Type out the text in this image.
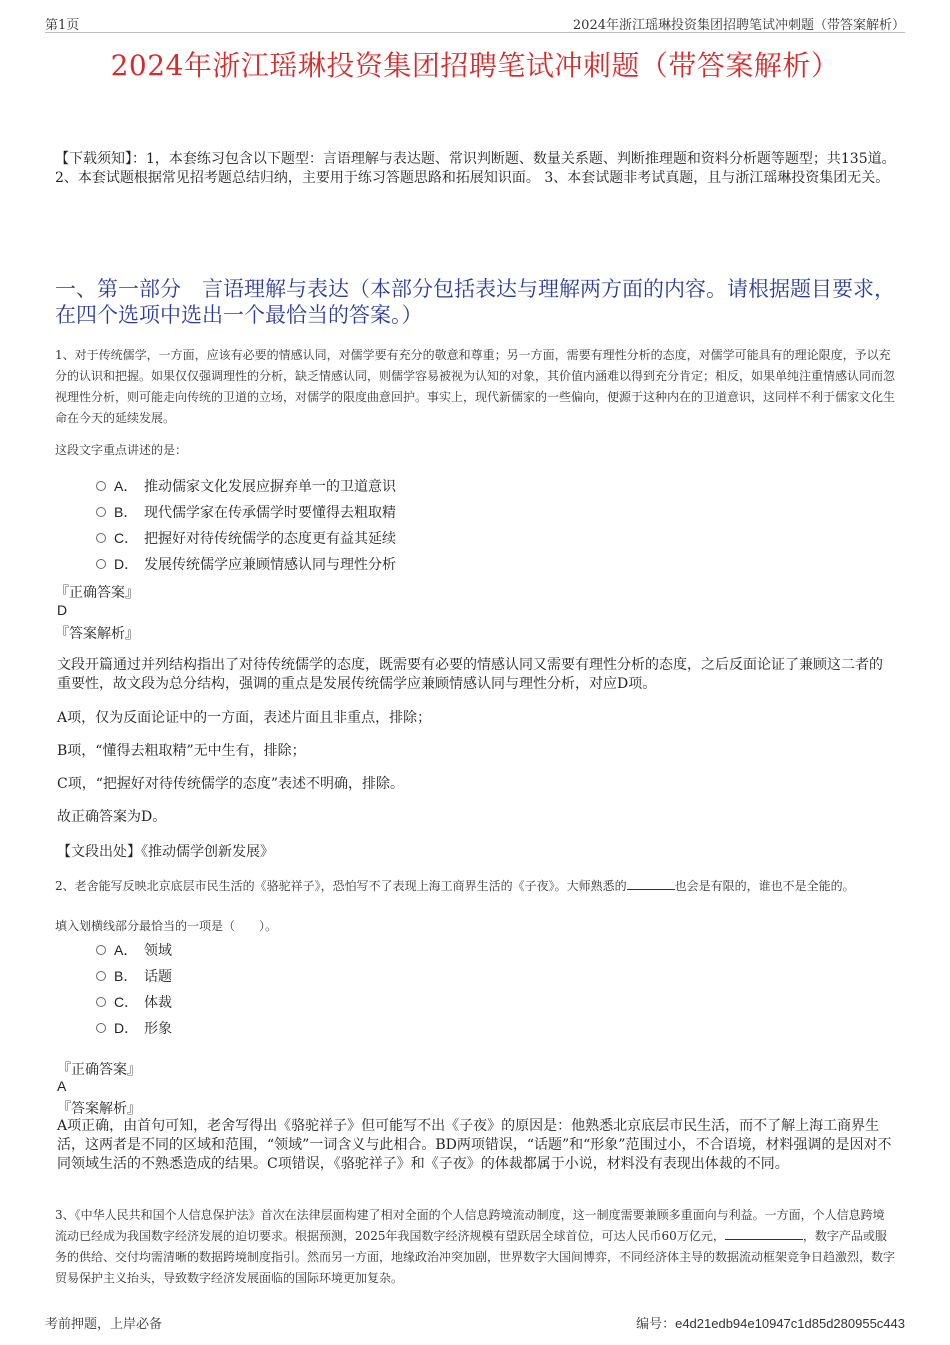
第1页	2024年浙江瑶琳投资集团招聘笔试冲刺题（带答案解析）
2024年浙江瑶琳投资集团招聘笔试冲刺题（带答案解析）
【下载须知】：1，本套练习包含以下题型：言语理解与表达题、常识判断题、数量关系题、判断推理题和资料分析题等题型；共135道。 2、本套试题根据常见招考题总结归纳，主要用于练习答题思路和拓展知识面。 3、本套试题非考试真题，且与浙江瑶琳投资集团无关。
一、第一部分　言语理解与表达（本部分包括表达与理解两方面的内容。请根据题目要求，在四个选项中选出一个最恰当的答案。）
1、对于传统儒学，一方面，应该有必要的情感认同，对儒学要有充分的敬意和尊重；另一方面，需要有理性分析的态度，对儒学可能具有的理论限度，予以充分的认识和把握。如果仅仅强调理性的分析，缺乏情感认同，则儒学容易被视为认知的对象，其价值内涵难以得到充分肯定；相反，如果单纯注重情感认同而忽视理性分析，则可能走向传统的卫道的立场，对儒学的限度曲意回护。事实上，现代新儒家的一些偏向，便源于这种内在的卫道意识，这同样不利于儒家文化生命在今天的延续发展。
这段文字重点讲述的是：
A． 推动儒家文化发展应摒弃单一的卫道意识
B． 现代儒学家在传承儒学时要懂得去粗取精
C． 把握好对待传统儒学的态度更有益其延续
D． 发展传统儒学应兼顾情感认同与理性分析
『正确答案』
D
『答案解析』
文段开篇通过并列结构指出了对待传统儒学的态度，既需要有必要的情感认同又需要有理性分析的态度，之后反面论证了兼顾这二者的重要性，故文段为总分结构，强调的重点是发展传统儒学应兼顾情感认同与理性分析，对应D项。
A项，仅为反面论证中的一方面，表述片面且非重点，排除；
B项，“懂得去粗取精”无中生有，排除；
C项，“把握好对待传统儒学的态度”表述不明确，排除。
故正确答案为D。
【文段出处】《推动儒学创新发展》
2、老舍能写反映北京底层市民生活的《骆驼祥子》，恐怕写不了表现上海工商界生活的《子夜》。大师熟悉的	也会是有限的，谁也不是全能的。
填入划横线部分最恰当的一项是（　　）。
A． 领域
B． 话题
C． 体裁
D． 形象
『正确答案』
A
『答案解析』
A项正确，由首句可知，老舍写得出《骆驼祥子》但可能写不出《子夜》的原因是：他熟悉北京底层市民生活，而不了解上海工商界生活，这两者是不同的区域和范围，“领域”一词含义与此相合。BD两项错误，“话题”和“形象”范围过小，不合语境，材料强调的是因对不同领域生活的不熟悉造成的结果。C项错误，《骆驼祥子》和《子夜》的体裁都属于小说，材料没有表现出体裁的不同。
3、《中华人民共和国个人信息保护法》首次在法律层面构建了相对全面的个人信息跨境流动制度，这一制度需要兼顾多重面向与利益。一方面，个人信息跨境流动已经成为我国数字经济发展的迫切要求。根据预测，2025年我国数字经济规模有望跃居全球首位，可达人民币60万亿元，	，数字产品或服务的供给、交付均需清晰的数据跨境制度指引。然而另一方面，地缘政治冲突加剧，世界数字大国间博弈，不同经济体主导的数据流动框架竞争日趋激烈，数字贸易保护主义抬头，导致数字经济发展面临的国际环境更加复杂。
考前押题，上岸必备	编号：e4d21edb94e10947c1d85d280955c443
